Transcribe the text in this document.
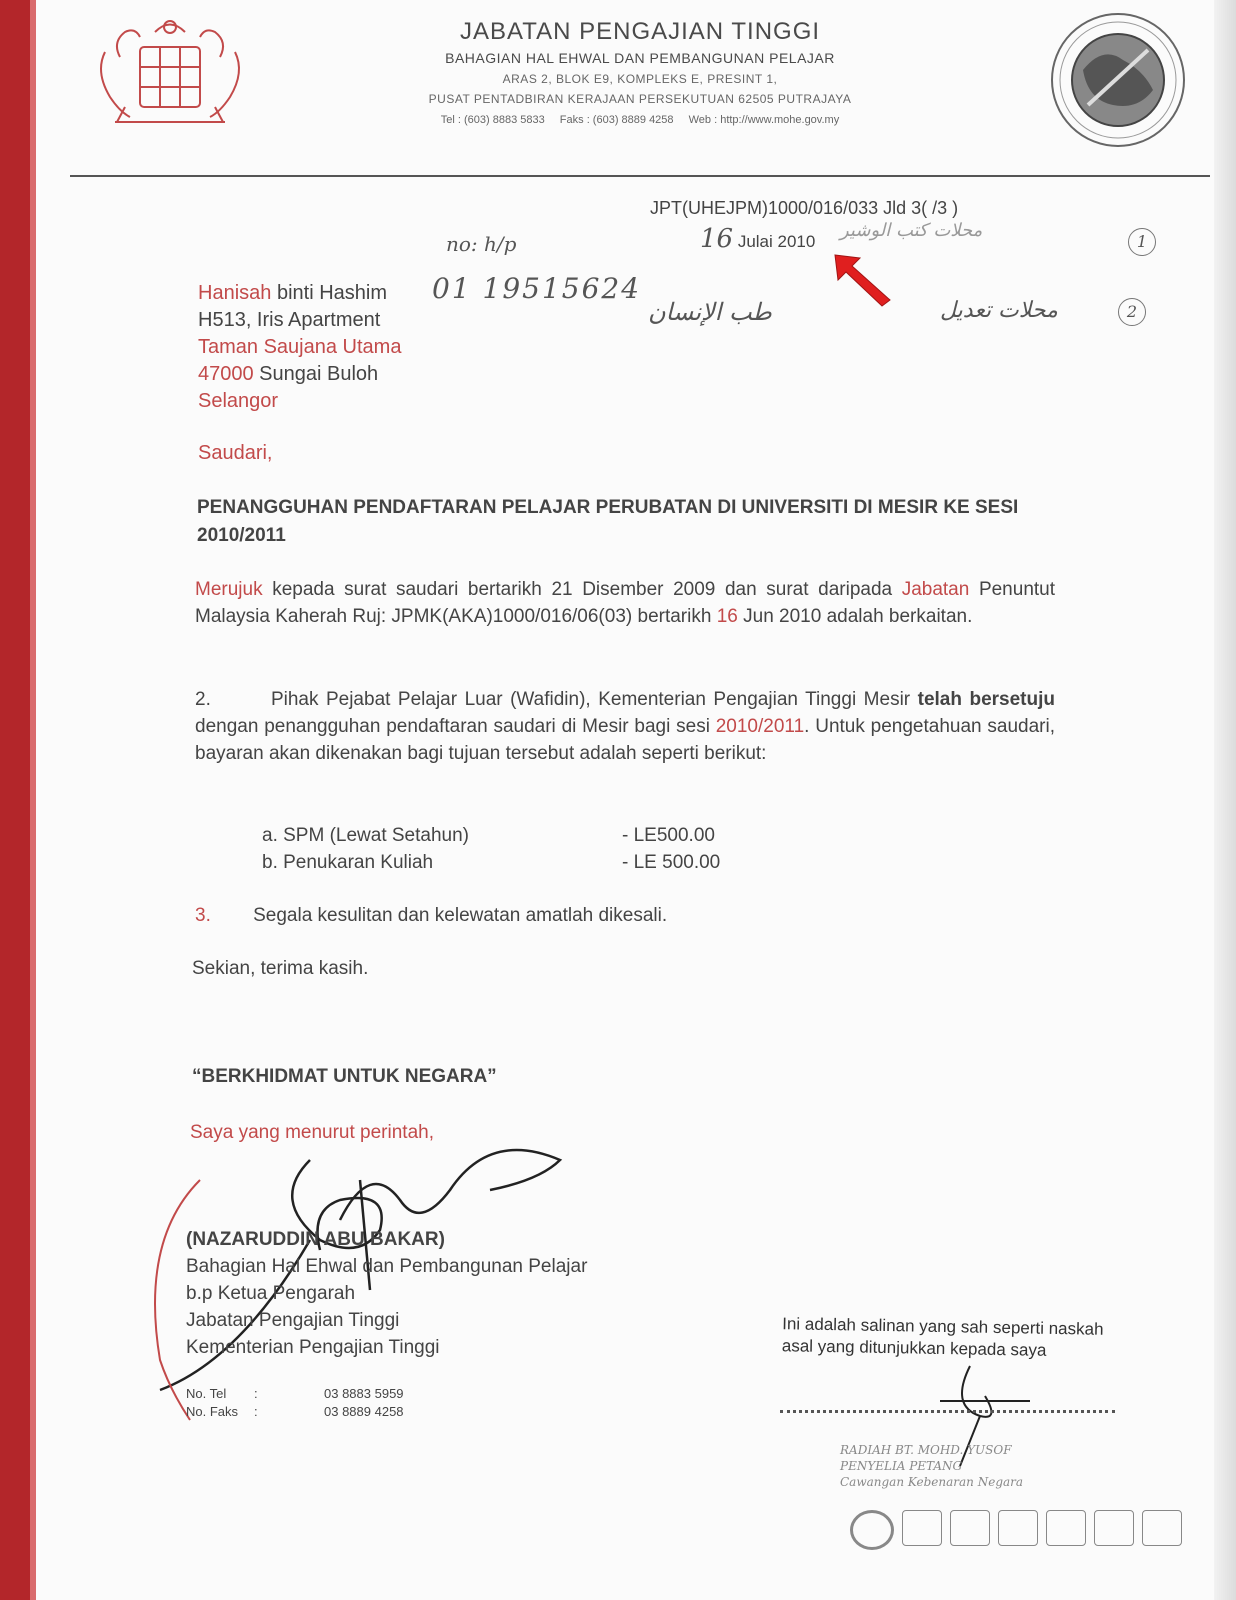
JABATAN PENGAJIAN TINGGI
BAHAGIAN HAL EHWAL DAN PEMBANGUNAN PELAJAR
ARAS 2, BLOK E9, KOMPLEKS E, PRESINT 1,
PUSAT PENTADBIRAN KERAJAAN PERSEKUTUAN 62505 PUTRAJAYA
Tel : (603) 8883 5833 Faks : (603) 8889 4258 Web : http://www.mohe.gov.my
JPT(UHEJPM)1000/016/033 Jld 3( /3 )
16 Julai 2010
no: h/p
01 19515624
محلات كتب الوشير
1
طب الإنسان	محلات تعديل	2
Hanisah binti Hashim
H513, Iris Apartment
Taman Saujana Utama
47000 Sungai Buloh
Selangor
Saudari,
PENANGGUHAN PENDAFTARAN PELAJAR PERUBATAN DI UNIVERSITI DI MESIR KE SESI 2010/2011
Merujuk kepada surat saudari bertarikh 21 Disember 2009 dan surat daripada Jabatan Penuntut Malaysia Kaherah Ruj: JPMK(AKA)1000/016/06(03) bertarikh 16 Jun 2010 adalah berkaitan.
2.	Pihak Pejabat Pelajar Luar (Wafidin), Kementerian Pengajian Tinggi Mesir telah bersetuju dengan penangguhan pendaftaran saudari di Mesir bagi sesi 2010/2011. Untuk pengetahuan saudari, bayaran akan dikenakan bagi tujuan tersebut adalah seperti berikut:
a. SPM (Lewat Setahun)	- LE500.00
b. Penukaran Kuliah	- LE 500.00
3. Segala kesulitan dan kelewatan amatlah dikesali.
Sekian, terima kasih.
“BERKHIDMAT UNTUK NEGARA”
Saya yang menurut perintah,
(NAZARUDDIN ABU BAKAR)
Bahagian Hal Ehwal dan Pembangunan Pelajar
b.p Ketua Pengarah
Jabatan Pengajian Tinggi
Kementerian Pengajian Tinggi
No. Tel	:	03 8883 5959
No. Faks	:	03 8889 4258
Ini adalah salinan yang sah seperti naskah
asal yang ditunjukkan kepada saya
RADIAH BT. MOHD. YUSOF
PENYELIA PETANG
Cawangan Kebenaran Negara
